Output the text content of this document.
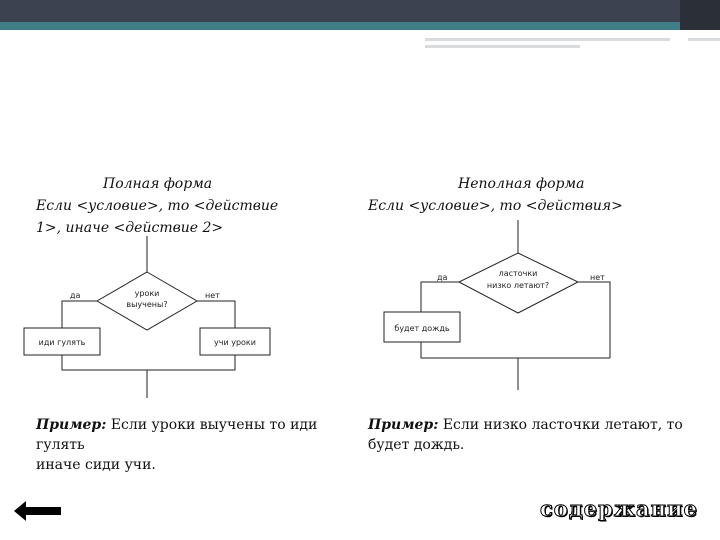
Полная форма
Если <условие>, то <действие
1>, иначе <действие 2>
Неполная форма
Если <условие>, то <действия>
уроки
выучены?
да	нет
иди гулять	учи уроки
ласточки
низко летают?
да	нет
будет дождь
Пример: Если уроки выучены то иди
гулять
иначе сиди учи.
Пример: Если низко ласточки летают, то
будет дождь.
содержание
